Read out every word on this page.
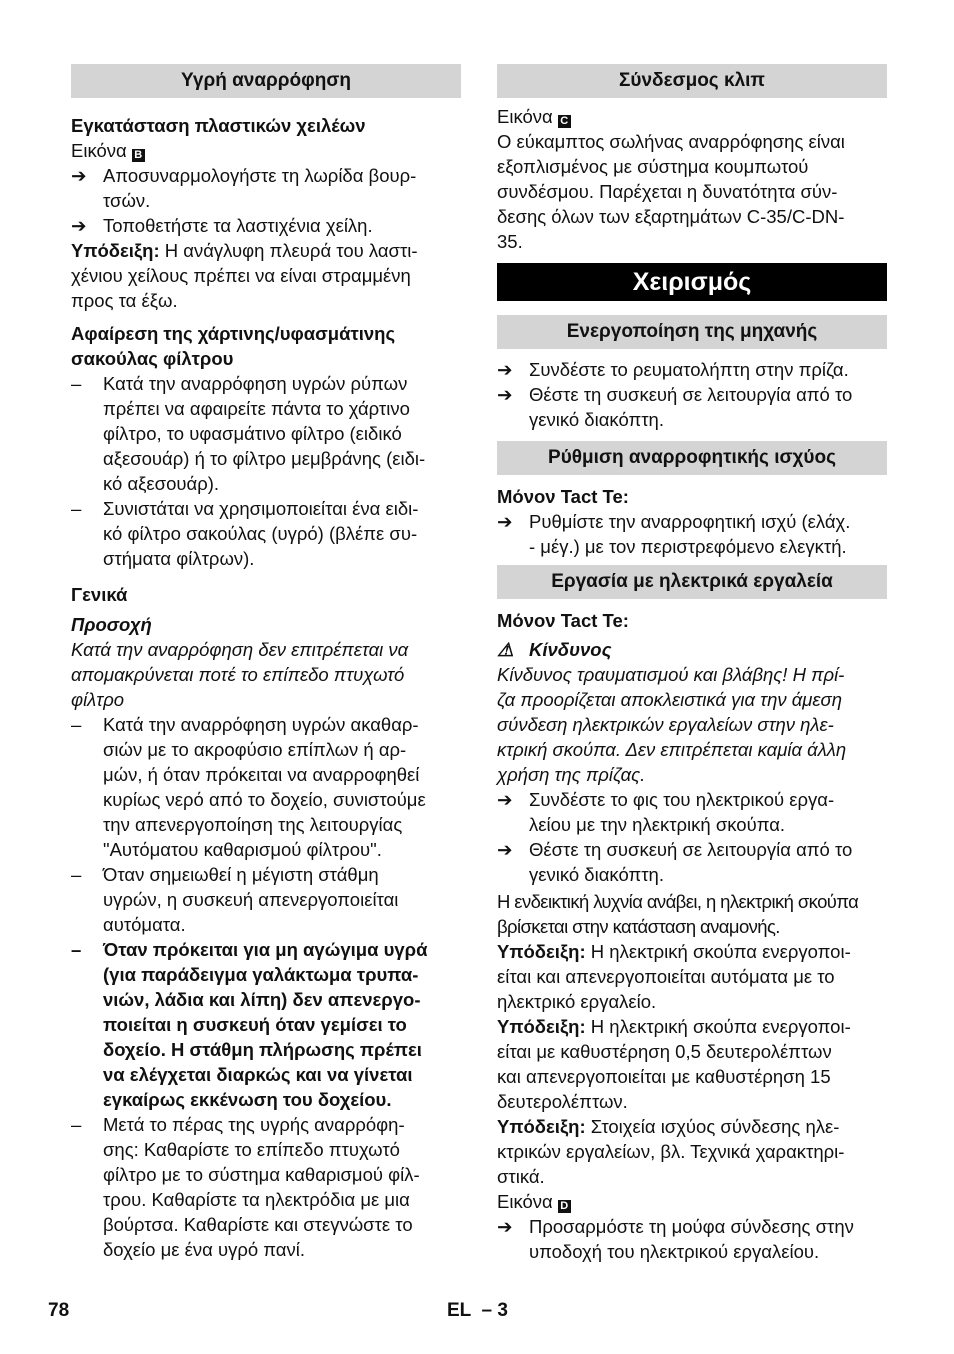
Υγρή αναρρόφηση

Εγκατάσταση πλαστικών χειλέων

Εικόνα B

➔ Αποσυναρμολογήστε τη λωρίδα βουρ-

τσών.

➔ Τοποθετήστε τα λαστιχένια χείλη.

Υπόδειξη: Η ανάγλυφη πλευρά του λαστι-

χένιου χείλους πρέπει να είναι στραμμένη

προς τα έξω.

Αφαίρεση της χάρτινης/υφασμάτινης

σακούλας φίλτρου

–	Κατά την αναρρόφηση υγρών ρύπων

πρέπει να αφαιρείτε πάντα το χάρτινο

φίλτρο, το υφασμάτινο φίλτρο (ειδικό

αξεσουάρ) ή το φίλτρο μεμβράνης (ειδι-

κό αξεσουάρ).

–	Συνιστάται να χρησιμοποιείται ένα ειδι-

κό φίλτρο σακούλας (υγρό) (βλέπε συ-

στήματα φίλτρων).

Γενικά

Προσοχή

Κατά την αναρρόφηση δεν επιτρέπεται να

απομακρύνεται ποτέ το επίπεδο πτυχωτό

φίλτρο

–	Κατά την αναρρόφηση υγρών ακαθαρ-

σιών με το ακροφύσιο επίπλων ή αρ-

μών, ή όταν πρόκειται να αναρροφηθεί

κυρίως νερό από το δοχείο, συνιστούμε

την απενεργοποίηση της λειτουργίας

"Αυτόματου καθαρισμού φίλτρου".

–	Όταν σημειωθεί η μέγιστη στάθμη

υγρών, η συσκευή απενεργοποιείται

αυτόματα.

–	Όταν πρόκειται για μη αγώγιμα υγρά

(για παράδειγμα γαλάκτωμα τρυπα-

νιών, λάδια και λίπη) δεν απενεργο-

ποιείται η συσκευή όταν γεμίσει το

δοχείο. Η στάθμη πλήρωσης πρέπει

να ελέγχεται διαρκώς και να γίνεται

εγκαίρως εκκένωση του δοχείου.

–	Μετά το πέρας της υγρής αναρρόφη-

σης: Καθαρίστε το επίπεδο πτυχωτό

φίλτρο με το σύστημα καθαρισμού φίλ-

τρου. Καθαρίστε τα ηλεκτρόδια με μια

βούρτσα. Καθαρίστε και στεγνώστε το

δοχείο με ένα υγρό πανί.

Σύνδεσμος κλιπ

Εικόνα C

Ο εύκαμπτος σωλήνας αναρρόφησης είναι

εξοπλισμένος με σύστημα κουμπωτού

συνδέσμου. Παρέχεται η δυνατότητα σύν-

δεσης όλων των εξαρτημάτων C-35/C-DN-

35.

Χειρισμός
Ενεργοποίηση της μηχανής
➔ Συνδέστε το ρευματολήπτη στην πρίζα.

➔ Θέστε τη συσκευή σε λειτουργία από το

γενικό διακόπτη.

Ρύθμιση αναρροφητικής ισχύος

Μόνον Tact Te:

➔ Ρυθμίστε την αναρροφητική ισχύ (ελάχ.

- μέγ.) με τον περιστρεφόμενο ελεγκτή.

Εργασία με ηλεκτρικά εργαλεία

Μόνον Tact Te:

⚠ Κίνδυνος

Κίνδυνος τραυματισμού και βλάβης! Η πρί-

ζα προορίζεται αποκλειστικά για την άμεση

σύνδεση ηλεκτρικών εργαλείων στην ηλε-

κτρική σκούπα. Δεν επιτρέπεται καμία άλλη

χρήση της πρίζας.

➔ Συνδέστε το φις του ηλεκτρικού εργα-

λείου με την ηλεκτρική σκούπα.

➔ Θέστε τη συσκευή σε λειτουργία από το

γενικό διακόπτη.

Η ενδεικτική λυχνία ανάβει, η ηλεκτρική σκούπα

βρίσκεται στην κατάσταση αναμονής.

Υπόδειξη: Η ηλεκτρική σκούπα ενεργοποι-

είται και απενεργοποιείται αυτόματα με το

ηλεκτρικό εργαλείο.

Υπόδειξη: Η ηλεκτρική σκούπα ενεργοποι-

είται με καθυστέρηση 0,5 δευτερολέπτων

και απενεργοποιείται με καθυστέρηση 15

δευτερολέπτων.

Υπόδειξη: Στοιχεία ισχύος σύνδεσης ηλε-

κτρικών εργαλείων, βλ. Τεχνικά χαρακτηρι-

στικά.

Εικόνα D

➔ Προσαρμόστε τη μούφα σύνδεσης στην

υποδοχή του ηλεκτρικού εργαλείου.

78	EL  – 3
